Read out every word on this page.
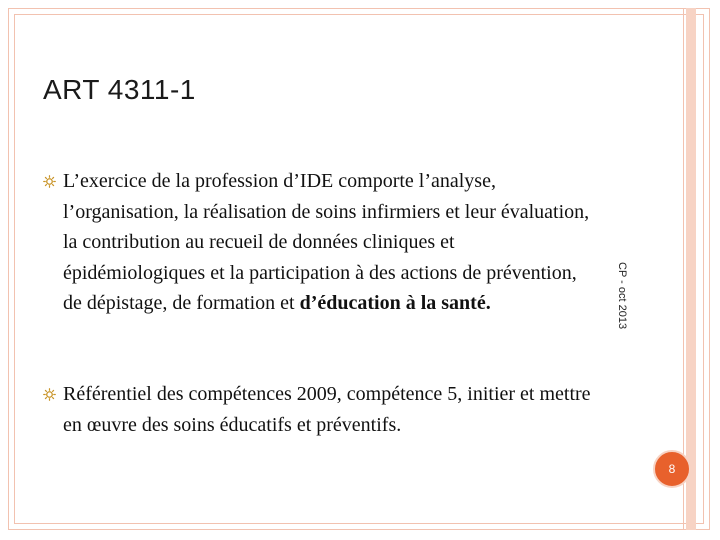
ART 4311-1
L’exercice de la profession d’IDE comporte l’analyse, l’organisation, la réalisation de soins infirmiers et leur évaluation, la contribution au recueil de données cliniques et épidémiologiques et la participation à des actions de prévention, de dépistage, de formation et d’éducation à la santé.
Référentiel des compétences 2009, compétence 5, initier et mettre en œuvre des soins éducatifs et préventifs.
CP - oct 2013
8
